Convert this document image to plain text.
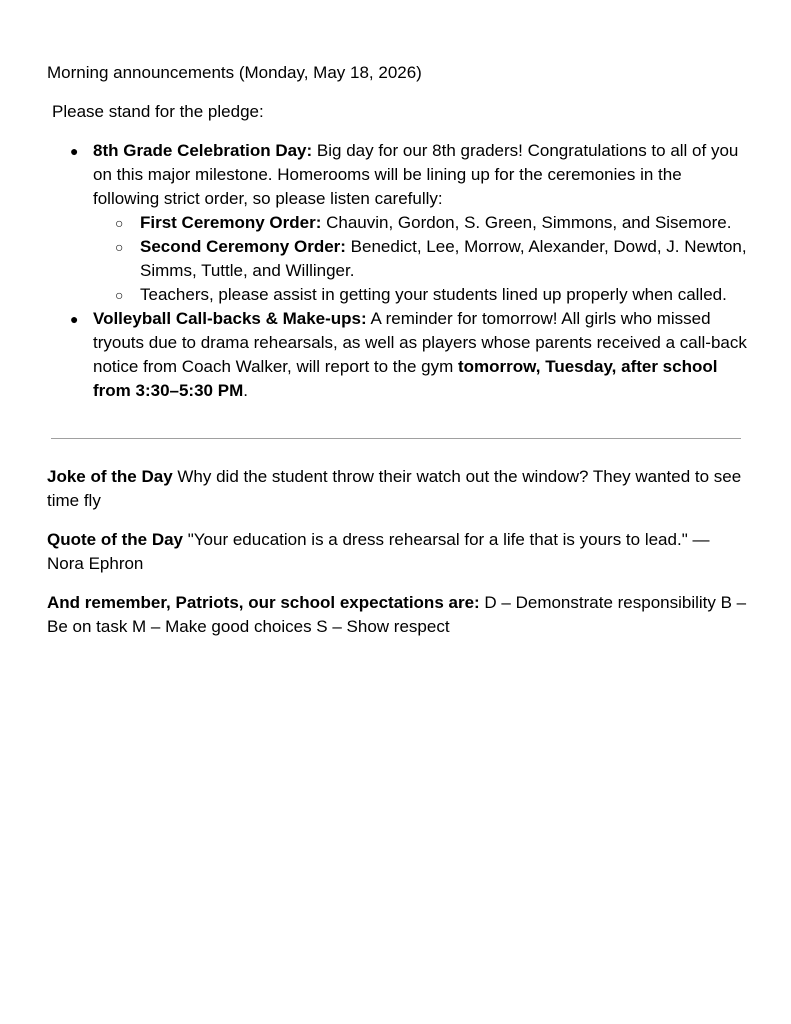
Morning announcements (Monday, May 18, 2026)

Please stand for the pledge:

● 8th Grade Celebration Day: Big day for our 8th graders! Congratulations to all of you on this major milestone. Homerooms will be lining up for the ceremonies in the following strict order, so please listen carefully:
○ First Ceremony Order: Chauvin, Gordon, S. Green, Simmons, and Sisemore.
○ Second Ceremony Order: Benedict, Lee, Morrow, Alexander, Dowd, J. Newton, Simms, Tuttle, and Willinger.
○ Teachers, please assist in getting your students lined up properly when called.
● Volleyball Call-backs & Make-ups: A reminder for tomorrow! All girls who missed tryouts due to drama rehearsals, as well as players whose parents received a call-back notice from Coach Walker, will report to the gym tomorrow, Tuesday, after school from 3:30–5:30 PM.

Joke of the Day Why did the student throw their watch out the window? They wanted to see time fly

Quote of the Day "Your education is a dress rehearsal for a life that is yours to lead." — Nora Ephron

And remember, Patriots, our school expectations are: D – Demonstrate responsibility B – Be on task M – Make good choices S – Show respect
